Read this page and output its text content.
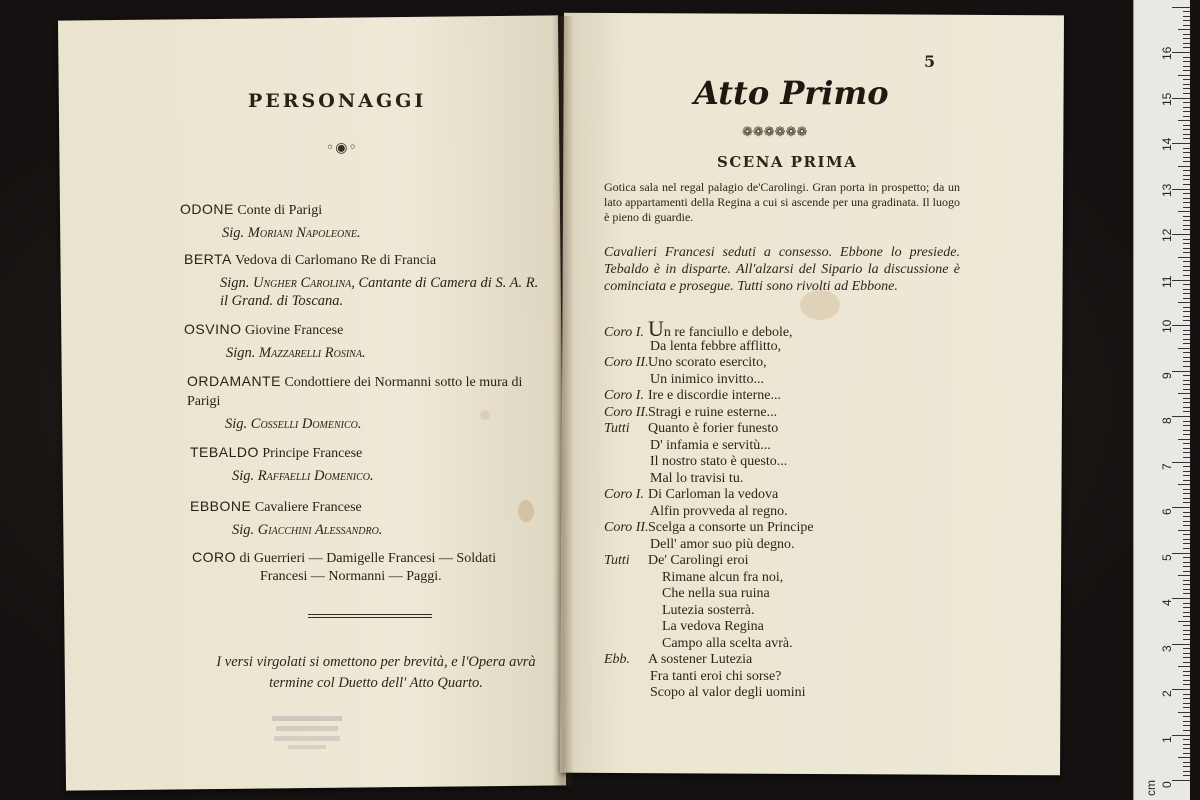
PERSONAGGI
◦◉◦
ODONE Conte di Parigi
Sig. Moriani Napoleone.
BERTA Vedova di Carlomano Re di Francia
Sign. Ungher Carolina, Cantante di Camera di S. A. R. il Grand. di Toscana.
OSVINO Giovine Francese
Sign. Mazzarelli Rosina.
ORDAMANTE Condottiere dei Normanni sotto le mura di Parigi
Sig. Cosselli Domenico.
TEBALDO Principe Francese
Sig. Raffaelli Domenico.
EBBONE Cavaliere Francese
Sig. Giacchini Alessandro.
CORO di Guerrieri — Damigelle Francesi — Soldati
Francesi — Normanni — Paggi.
I versi virgolati si omettono per brevità, e l'Opera avrà termine col Duetto dell' Atto Quarto.
5
Atto Primo
❁❁❁❁❁❁
SCENA PRIMA
Gotica sala nel regal palagio de'Carolingi. Gran porta in prospetto; da un lato appartamenti della Regina a cui si ascende per una gradinata. Il luogo è pieno di guardie.
Cavalieri Francesi seduti a consesso. Ebbone lo presiede. Tebaldo è in disparte. All'alzarsi del Sipario la discussione è cominciata e prosegue. Tutti sono rivolti ad Ebbone.
Coro I. Un re fanciullo e debole,
Da lenta febbre afflitto,
Coro II.Uno scorato esercito,
Un inimico invitto...
Coro I. Ire e discordie interne...
Coro II.Stragi e ruine esterne...
Tutti Quanto è forier funesto
D' infamia e servitù...
Il nostro stato è questo...
Mal lo travisi tu.
Coro I. Di Carloman la vedova
Alfin provveda al regno.
Coro II.Scelga a consorte un Principe
Dell' amor suo più degno.
Tutti De' Carolingi eroi
Rimane alcun fra noi,
Che nella sua ruina
Lutezia sosterrà.
La vedova Regina
Campo alla scelta avrà.
Ebb. A sostener Lutezia
Fra tanti eroi chi sorse?
Scopo al valor degli uomini
0
1
2
3
4
5
6
7
8
9
10
11
12
13
14
15
16
cm
